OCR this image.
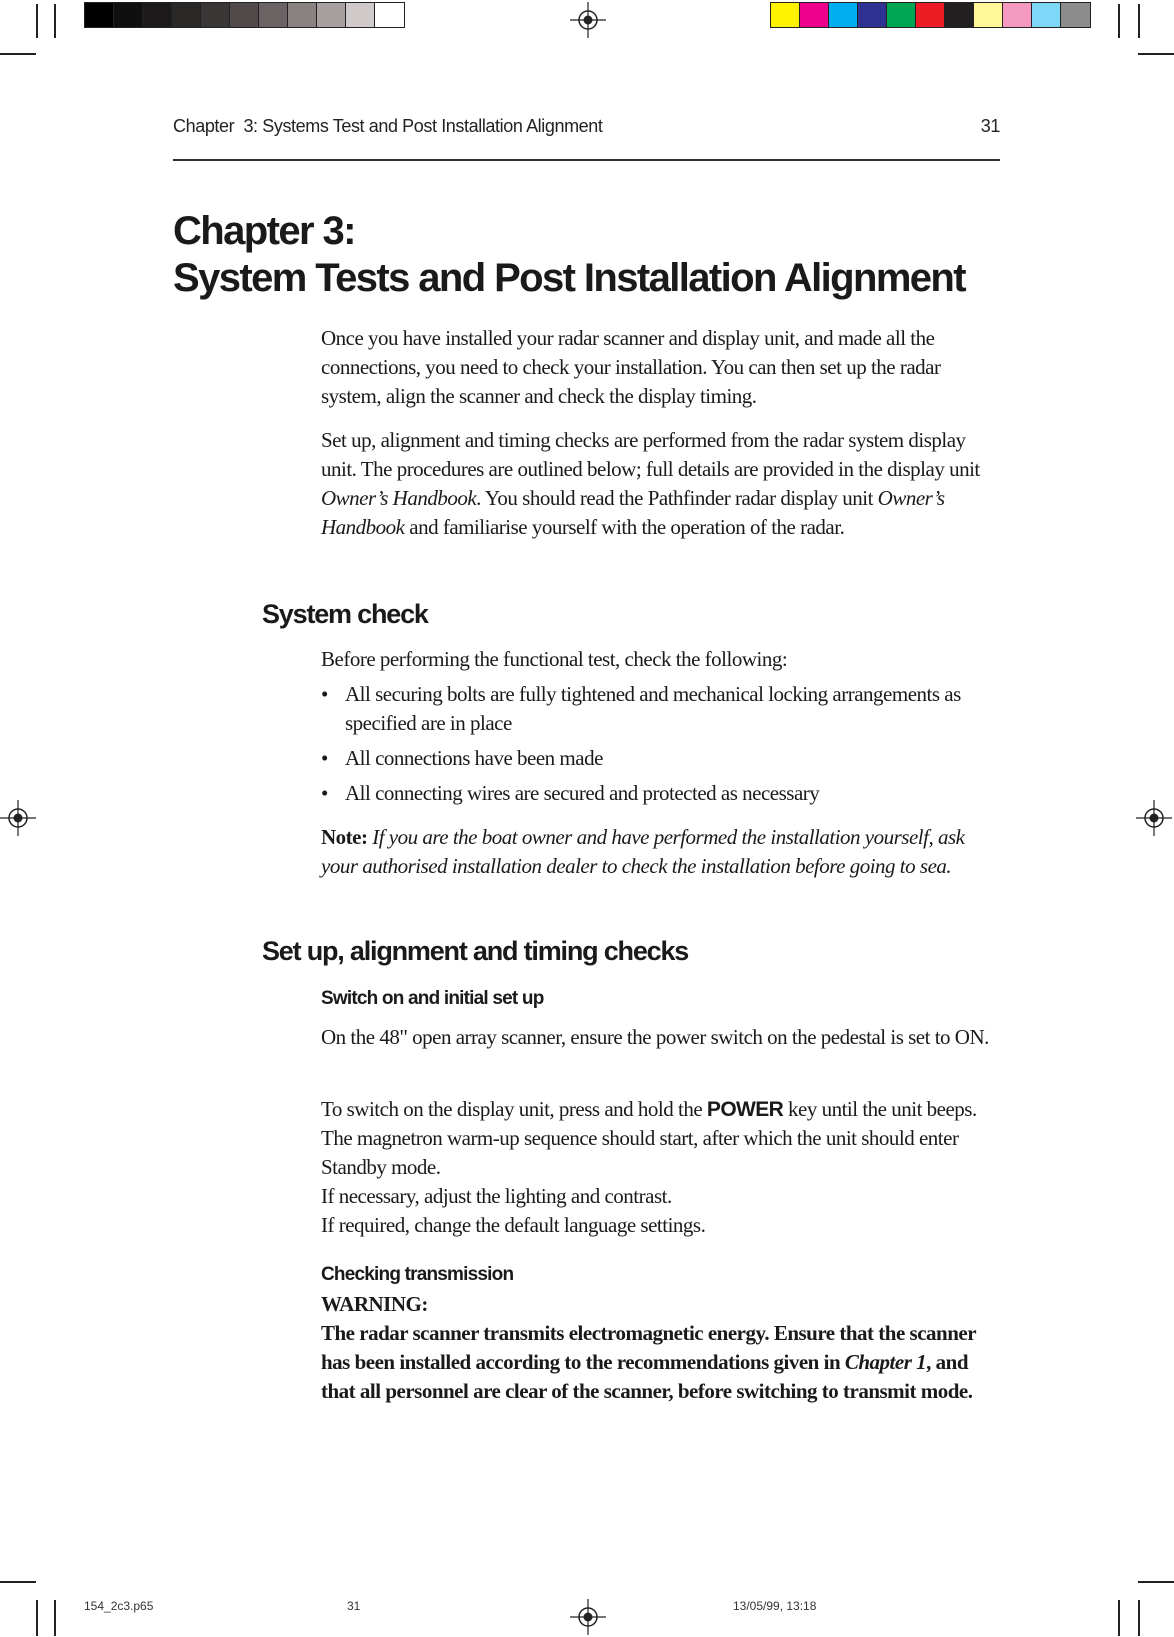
Chapter  3: Systems Test and Post Installation Alignment	31
Chapter 3:
System Tests and Post Installation Alignment

Once you have installed your radar scanner and display unit, and made all the connections, you need to check your installation. You can then set up the radar system, align the scanner and check the display timing.

Set up, alignment and timing checks are performed from the radar system display unit. The procedures are outlined below; full details are provided in the display unit Owner’s Handbook. You should read the Pathfinder radar display unit Owner’s Handbook and familiarise yourself with the operation of the radar.

System check

Before performing the functional test, check the following:

• All securing bolts are fully tightened and mechanical locking arrangements as specified are in place
• All connections have been made
• All connecting wires are secured and protected as necessary

Note: If you are the boat owner and have performed the installation yourself, ask your authorised installation dealer to check the installation before going to sea.

Set up, alignment and timing checks
Switch on and initial set up

On the 48" open array scanner, ensure the power switch on the pedestal is set to ON.

To switch on the display unit, press and hold the POWER key until the unit beeps. The magnetron warm-up sequence should start, after which the unit should enter Standby mode.
If necessary, adjust the lighting and contrast.
If required, change the default language settings.
Checking transmission
WARNING:
The radar scanner transmits electromagnetic energy. Ensure that the scanner has been installed according to the recommendations given in Chapter 1, and that all personnel are clear of the scanner, before switching to transmit mode.
154_2c3.p65	31	13/05/99, 13:18
